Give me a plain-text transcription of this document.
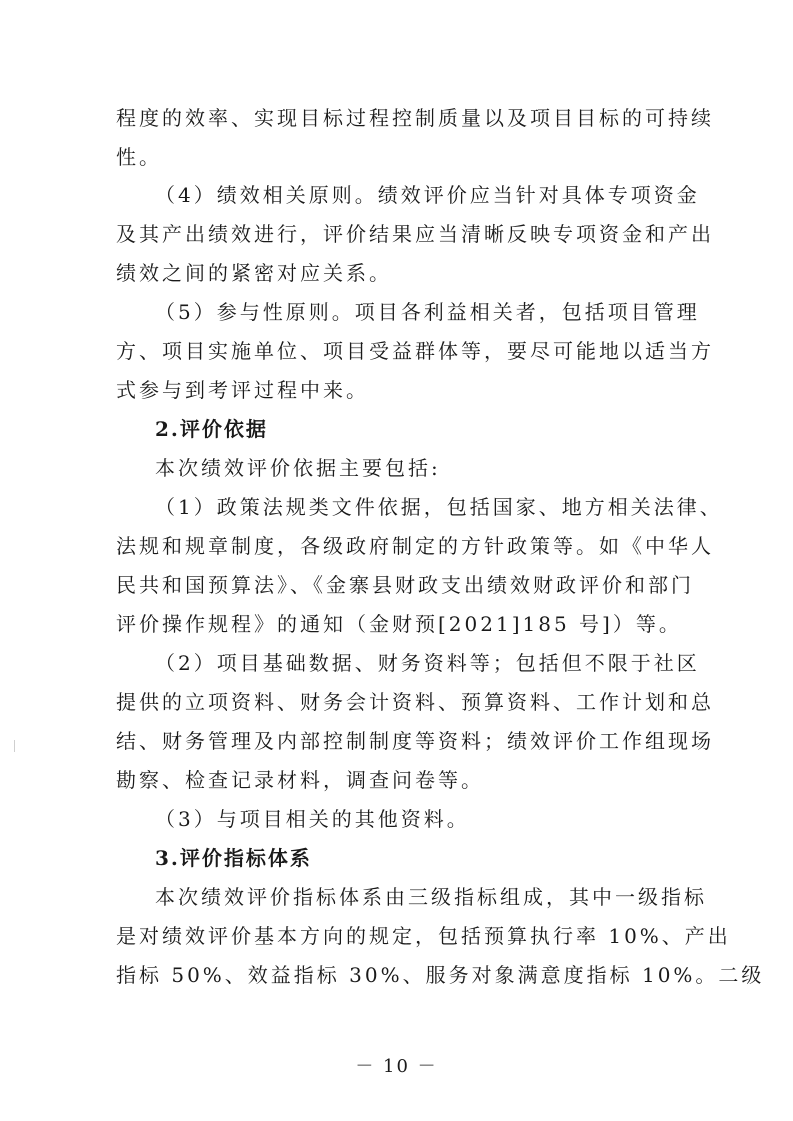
程度的效率、实现目标过程控制质量以及项目目标的可持续
性。
（4）绩效相关原则。绩效评价应当针对具体专项资金
及其产出绩效进行，评价结果应当清晰反映专项资金和产出
绩效之间的紧密对应关系。
（5）参与性原则。项目各利益相关者，包括项目管理
方、项目实施单位、项目受益群体等，要尽可能地以适当方
式参与到考评过程中来。
2.评价依据
本次绩效评价依据主要包括:
（1）政策法规类文件依据，包括国家、地方相关法律、
法规和规章制度，各级政府制定的方针政策等。如《中华人
民共和国预算法》、《金寨县财政支出绩效财政评价和部门
评价操作规程》的通知（金财预[2021]185 号]）等。
（2）项目基础数据、财务资料等；包括但不限于社区
提供的立项资料、财务会计资料、预算资料、工作计划和总
结、财务管理及内部控制制度等资料；绩效评价工作组现场
勘察、检查记录材料，调查问卷等。
（3）与项目相关的其他资料。
3.评价指标体系
本次绩效评价指标体系由三级指标组成，其中一级指标
是对绩效评价基本方向的规定，包括预算执行率 10%、产出
指标 50%、效益指标 30%、服务对象满意度指标 10%。二级
－ 10 －
